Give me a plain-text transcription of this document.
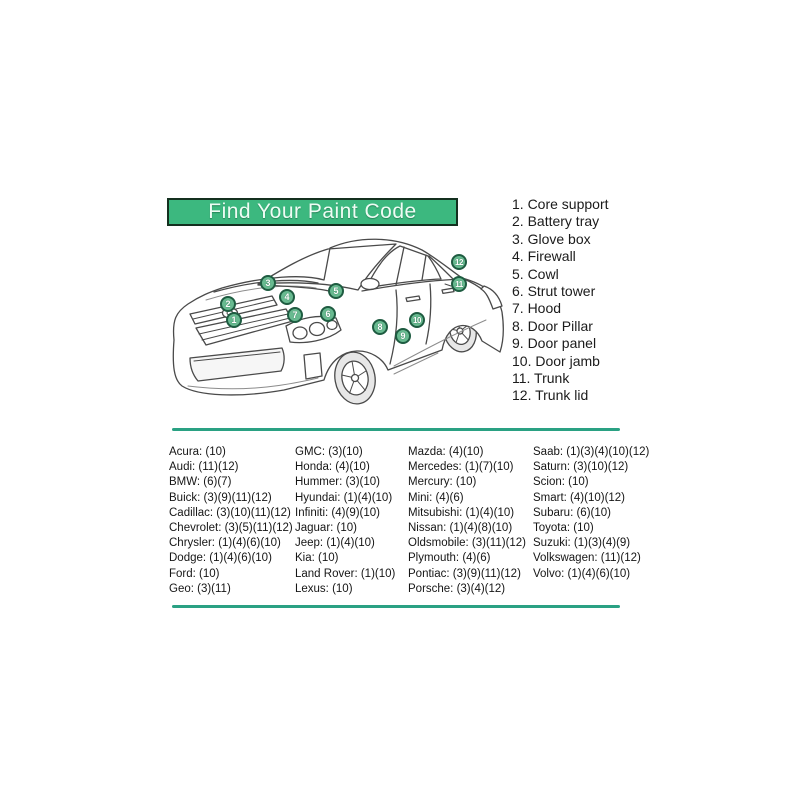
Find Your Paint Code	1. Core support
2. Battery tray
3. Glove box
4. Firewall
5. Cowl
6. Strut tower
7. Hood
8. Door Pillar
9. Door panel
10. Door jamb
11. Trunk
12. Trunk lid
1
2
3
4
5
6
7
8
9
10
11
12
Acura: (10)
Audi: (11)(12)
BMW: (6)(7)
Buick: (3)(9)(11)(12)
Cadillac: (3)(10)(11)(12)
Chevrolet: (3)(5)(11)(12)
Chrysler: (1)(4)(6)(10)
Dodge: (1)(4)(6)(10)
Ford: (10)
Geo: (3)(11)
GMC: (3)(10)
Honda: (4)(10)
Hummer: (3)(10)
Hyundai: (1)(4)(10)
Infiniti: (4)(9)(10)
Jaguar: (10)
Jeep: (1)(4)(10)
Kia: (10)
Land Rover: (1)(10)
Lexus: (10)
Mazda: (4)(10)
Mercedes: (1)(7)(10)
Mercury: (10)
Mini: (4)(6)
Mitsubishi: (1)(4)(10)
Nissan: (1)(4)(8)(10)
Oldsmobile: (3)(11)(12)
Plymouth: (4)(6)
Pontiac: (3)(9)(11)(12)
Porsche: (3)(4)(12)
Saab: (1)(3)(4)(10)(12)
Saturn: (3)(10)(12)
Scion: (10)
Smart: (4)(10)(12)
Subaru: (6)(10)
Toyota: (10)
Suzuki: (1)(3)(4)(9)
Volkswagen: (11)(12)
Volvo: (1)(4)(6)(10)
